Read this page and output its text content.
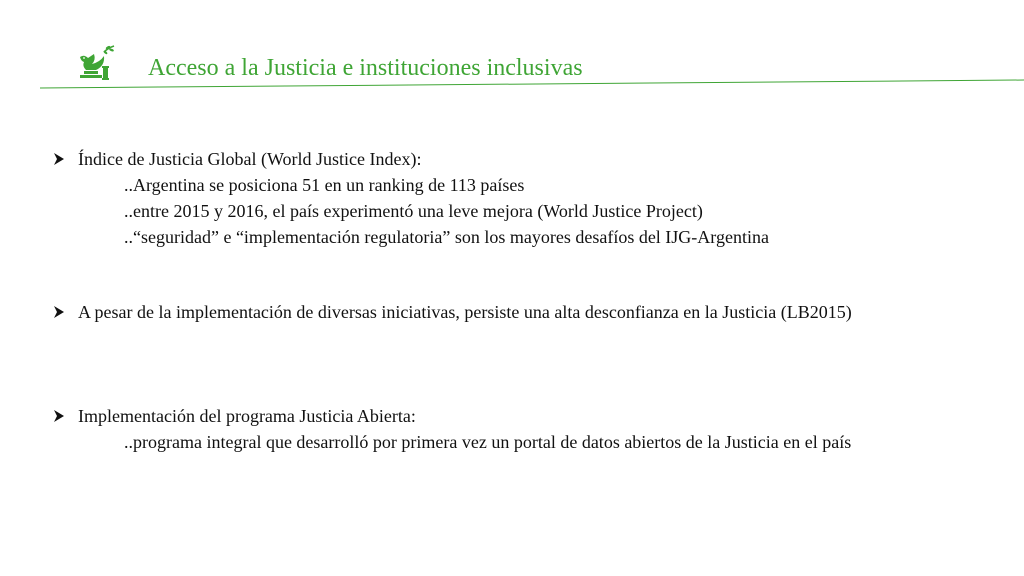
Acceso a la Justicia e instituciones inclusivas
Índice de Justicia Global (World Justice Index):
..Argentina se posiciona 51 en un ranking de 113 países
..entre 2015 y 2016, el país experimentó una leve mejora (World Justice Project)
..“seguridad” e “implementación regulatoria” son los mayores desafíos del IJG-Argentina
A pesar de la implementación de diversas iniciativas, persiste una alta desconfianza en la Justicia (LB2015)
Implementación del programa Justicia Abierta:
..programa integral que desarrolló por primera vez un portal de datos abiertos de la Justicia en el país
